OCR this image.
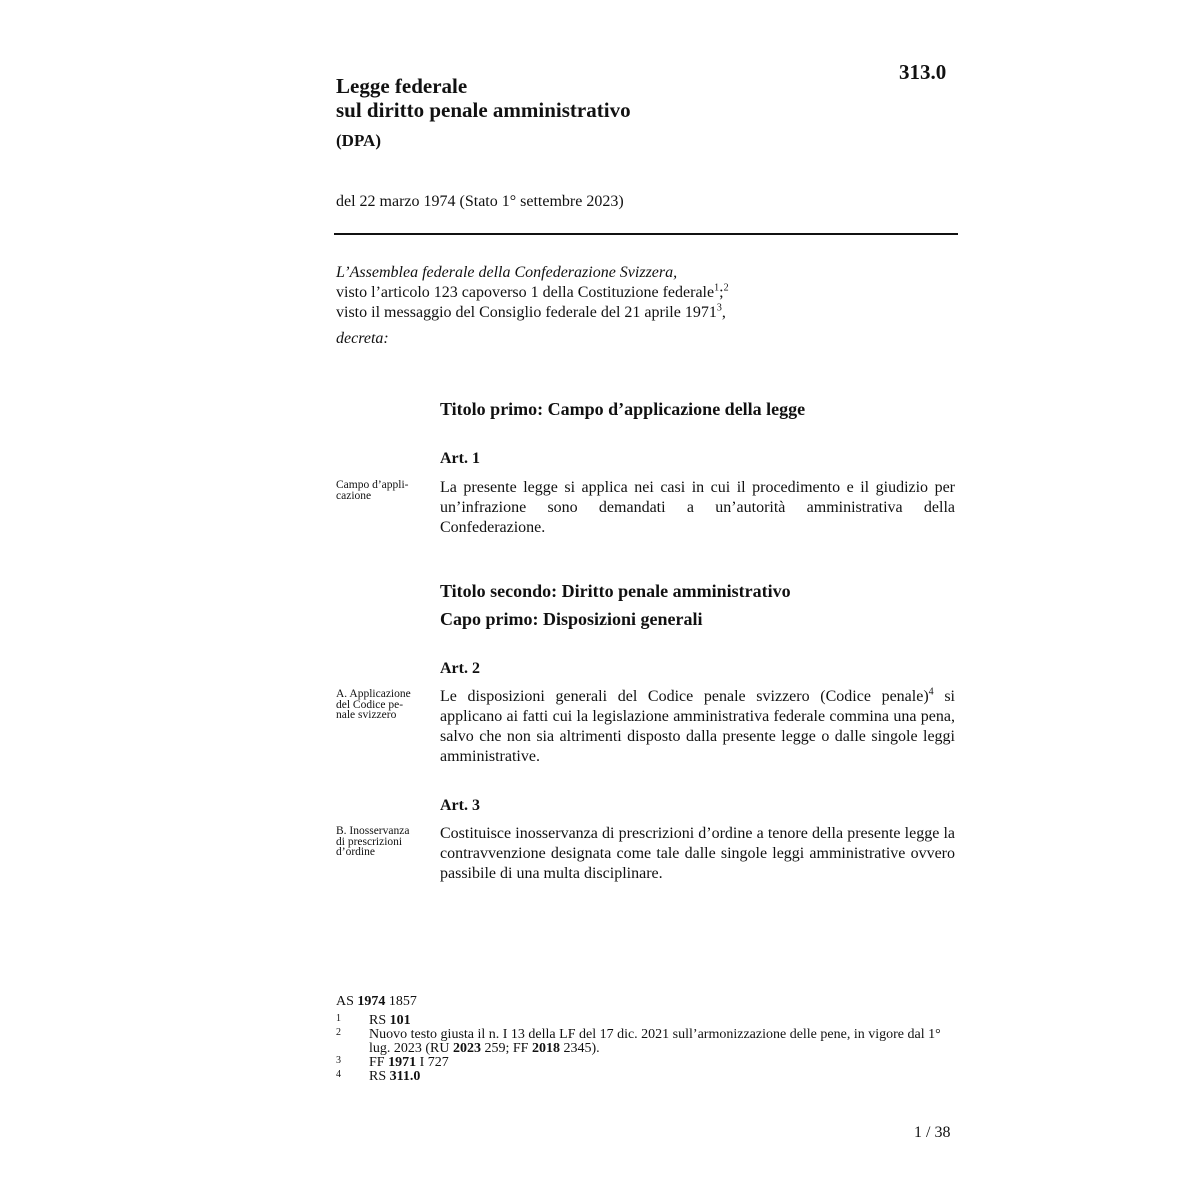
313.0
Legge federale
sul diritto penale amministrativo
(DPA)
del 22 marzo 1974 (Stato 1° settembre 2023)
L’Assemblea federale della Confederazione Svizzera,
visto l’articolo 123 capoverso 1 della Costituzione federale$^1$;$^2$
visto il messaggio del Consiglio federale del 21 aprile 1971$^3$,
decreta:
Titolo primo: Campo d’applicazione della legge
Art. 1
Campo d’appli-
cazione	La presente legge si applica nei casi in cui il procedimento e il giudizio per un’infrazione sono demandati a un’autorità amministrativa della Confederazione.
Titolo secondo: Diritto penale amministrativo
Capo primo: Disposizioni generali
Art. 2
A. Applicazione
del Codice pe-
nale svizzero
Le disposizioni generali del Codice penale svizzero (Codice penale)$^4$ si applicano ai fatti cui la legislazione amministrativa federale commina una pena, salvo che non sia altrimenti disposto dalla presente legge o dalle singole leggi amministrative.
Art. 3
B. Inosservanza
di prescrizioni
d’ordine
Costituisce inosservanza di prescrizioni d’ordine a tenore della presente legge la contravvenzione designata come tale dalle singole leggi amministrative ovvero passibile di una multa disciplinare.
AS 1974 1857
1 RS 101
2 Nuovo testo giusta il n. I 13 della LF del 17 dic. 2021 sull’armonizzazione delle pene, in vigore dal 1° lug. 2023 (RU 2023 259; FF 2018 2345).
3 FF 1971 I 727
4 RS 311.0
1 / 38
